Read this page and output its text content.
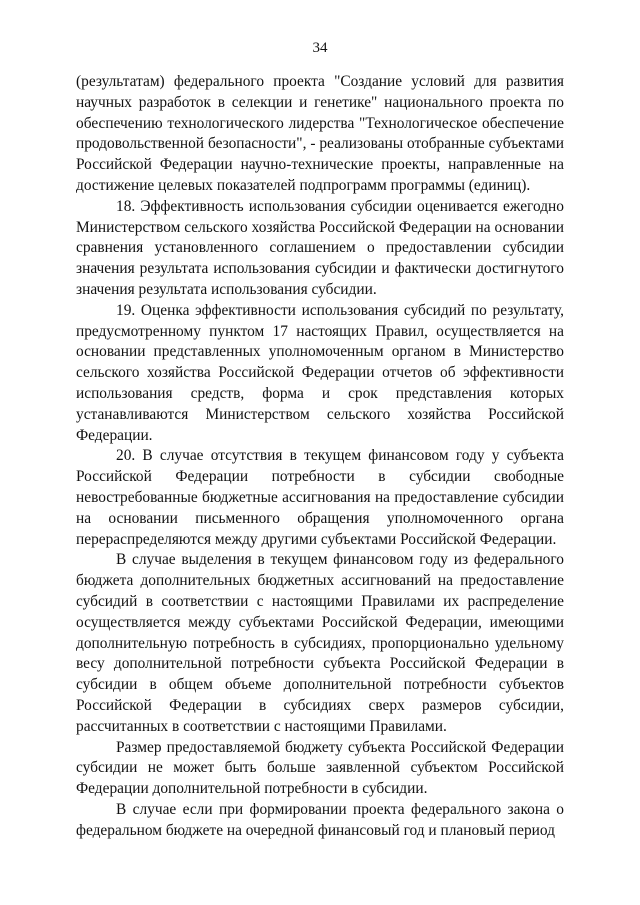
34

(результатам) федерального проекта "Создание условий для развития научных разработок в селекции и генетике" национального проекта по обеспечению технологического лидерства "Технологическое обеспечение продовольственной безопасности", - реализованы отобранные субъектами Российской Федерации научно-технические проекты, направленные на достижение целевых показателей подпрограмм программы (единиц).

18. Эффективность использования субсидии оценивается ежегодно Министерством сельского хозяйства Российской Федерации на основании сравнения установленного соглашением о предоставлении субсидии значения результата использования субсидии и фактически достигнутого значения результата использования субсидии.

19. Оценка эффективности использования субсидий по результату, предусмотренному пунктом 17 настоящих Правил, осуществляется на основании представленных уполномоченным органом в Министерство сельского хозяйства Российской Федерации отчетов об эффективности использования средств, форма и срок представления которых устанавливаются Министерством сельского хозяйства Российской Федерации.

20. В случае отсутствия в текущем финансовом году у субъекта Российской Федерации потребности в субсидии свободные невостребованные бюджетные ассигнования на предоставление субсидии на основании письменного обращения уполномоченного органа перераспределяются между другими субъектами Российской Федерации.

В случае выделения в текущем финансовом году из федерального бюджета дополнительных бюджетных ассигнований на предоставление субсидий в соответствии с настоящими Правилами их распределение осуществляется между субъектами Российской Федерации, имеющими дополнительную потребность в субсидиях, пропорционально удельному весу дополнительной потребности субъекта Российской Федерации в субсидии в общем объеме дополнительной потребности субъектов Российской Федерации в субсидиях сверх размеров субсидии, рассчитанных в соответствии с настоящими Правилами.

Размер предоставляемой бюджету субъекта Российской Федерации субсидии не может быть больше заявленной субъектом Российской Федерации дополнительной потребности в субсидии.

В случае если при формировании проекта федерального закона о федеральном бюджете на очередной финансовый год и плановый период
